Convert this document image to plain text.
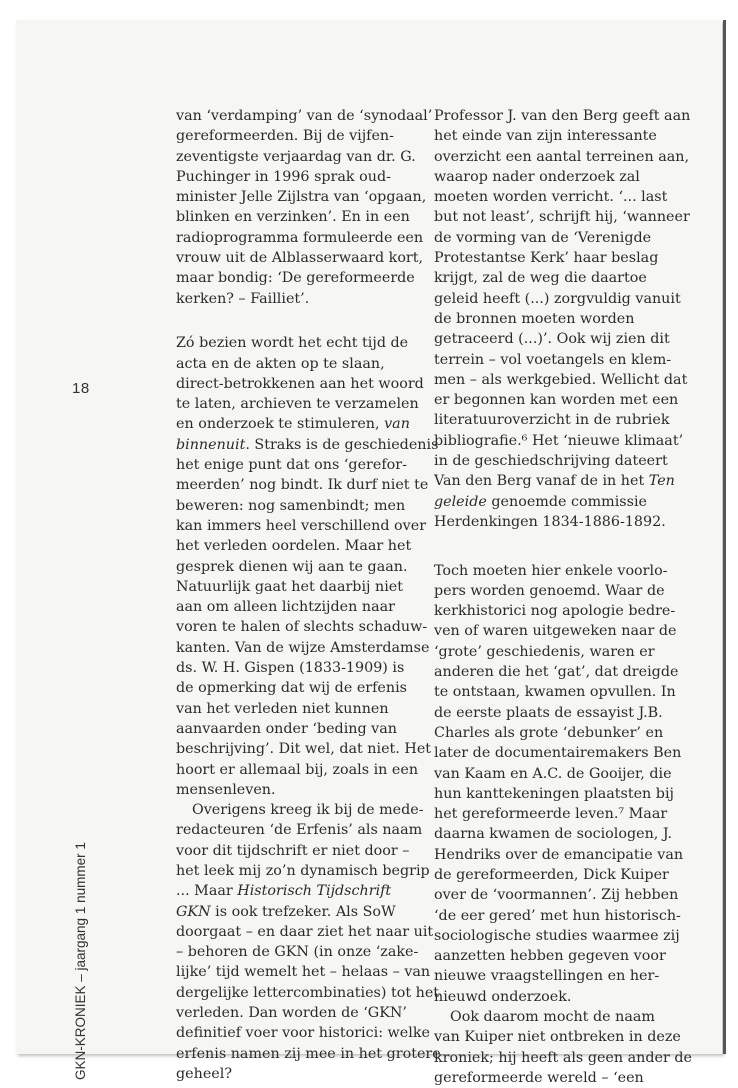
18
GKN-KRONIEK – jaargang 1 nummer 1

van ‘verdamping’ van de ‘synodaal’
gereformeerden. Bij de vijfen-
zeventigste verjaardag van dr. G.
Puchinger in 1996 sprak oud-
minister Jelle Zijlstra van ‘opgaan,
blinken en verzinken’. En in een
radioprogramma formuleerde een
vrouw uit de Alblasserwaard kort,
maar bondig: ‘De gereformeerde
kerken? – Failliet’.

Zó bezien wordt het echt tijd de
acta en de akten op te slaan,
direct-betrokkenen aan het woord
te laten, archieven te verzamelen
en onderzoek te stimuleren, van
binnenuit. Straks is de geschiedenis
het enige punt dat ons ‘gerefor-
meerden’ nog bindt. Ik durf niet te
beweren: nog samenbindt; men
kan immers heel verschillend over
het verleden oordelen. Maar het
gesprek dienen wij aan te gaan.
Natuurlijk gaat het daarbij niet
aan om alleen lichtzijden naar
voren te halen of slechts schaduw-
kanten. Van de wijze Amsterdamse
ds. W. H. Gispen (1833-1909) is
de opmerking dat wij de erfenis
van het verleden niet kunnen
aanvaarden onder ‘beding van
beschrijving’. Dit wel, dat niet. Het
hoort er allemaal bij, zoals in een
mensenleven.

Overigens kreeg ik bij de mede-
redacteuren ‘de Erfenis’ als naam
voor dit tijdschrift er niet door –
het leek mij zo’n dynamisch begrip
... Maar Historisch Tijdschrift
GKN is ook trefzeker. Als SoW
doorgaat – en daar ziet het naar uit
– behoren de GKN (in onze ‘zake-
lijke’ tijd wemelt het – helaas – van
dergelijke lettercombinaties) tot het
verleden. Dan worden de ‘GKN’
definitief voer voor historici: welke
erfenis namen zij mee in het grotere
geheel?

Professor J. van den Berg geeft aan
het einde van zijn interessante
overzicht een aantal terreinen aan,
waarop nader onderzoek zal
moeten worden verricht. ‘... last
but not least’, schrijft hij, ‘wanneer
de vorming van de ‘Verenigde
Protestantse Kerk’ haar beslag
krijgt, zal de weg die daartoe
geleid heeft (...) zorgvuldig vanuit
de bronnen moeten worden
getraceerd (...)’. Ook wij zien dit
terrein – vol voetangels en klem-
men – als werkgebied. Wellicht dat
er begonnen kan worden met een
literatuuroverzicht in de rubriek
bibliografie.⁶ Het ‘nieuwe klimaat’
in de geschiedschrijving dateert
Van den Berg vanaf de in het Ten
geleide genoemde commissie
Herdenkingen 1834-1886-1892.

Toch moeten hier enkele voorlo-
pers worden genoemd. Waar de
kerkhistorici nog apologie bedre-
ven of waren uitgeweken naar de
‘grote’ geschiedenis, waren er
anderen die het ‘gat’, dat dreigde
te ontstaan, kwamen opvullen. In
de eerste plaats de essayist J.B.
Charles als grote ‘debunker’ en
later de documentairemakers Ben
van Kaam en A.C. de Gooijer, die
hun kanttekeningen plaatsten bij
het gereformeerde leven.⁷ Maar
daarna kwamen de sociologen, J.
Hendriks over de emancipatie van
de gereformeerden, Dick Kuiper
over de ‘voormannen’. Zij hebben
‘de eer gered’ met hun historisch-
sociologische studies waarmee zij
aanzetten hebben gegeven voor
nieuwe vraagstellingen en her-
nieuwd onderzoek.

Ook daarom mocht de naam
van Kuiper niet ontbreken in deze
kroniek; hij heeft als geen ander de
gereformeerde wereld – ‘een
